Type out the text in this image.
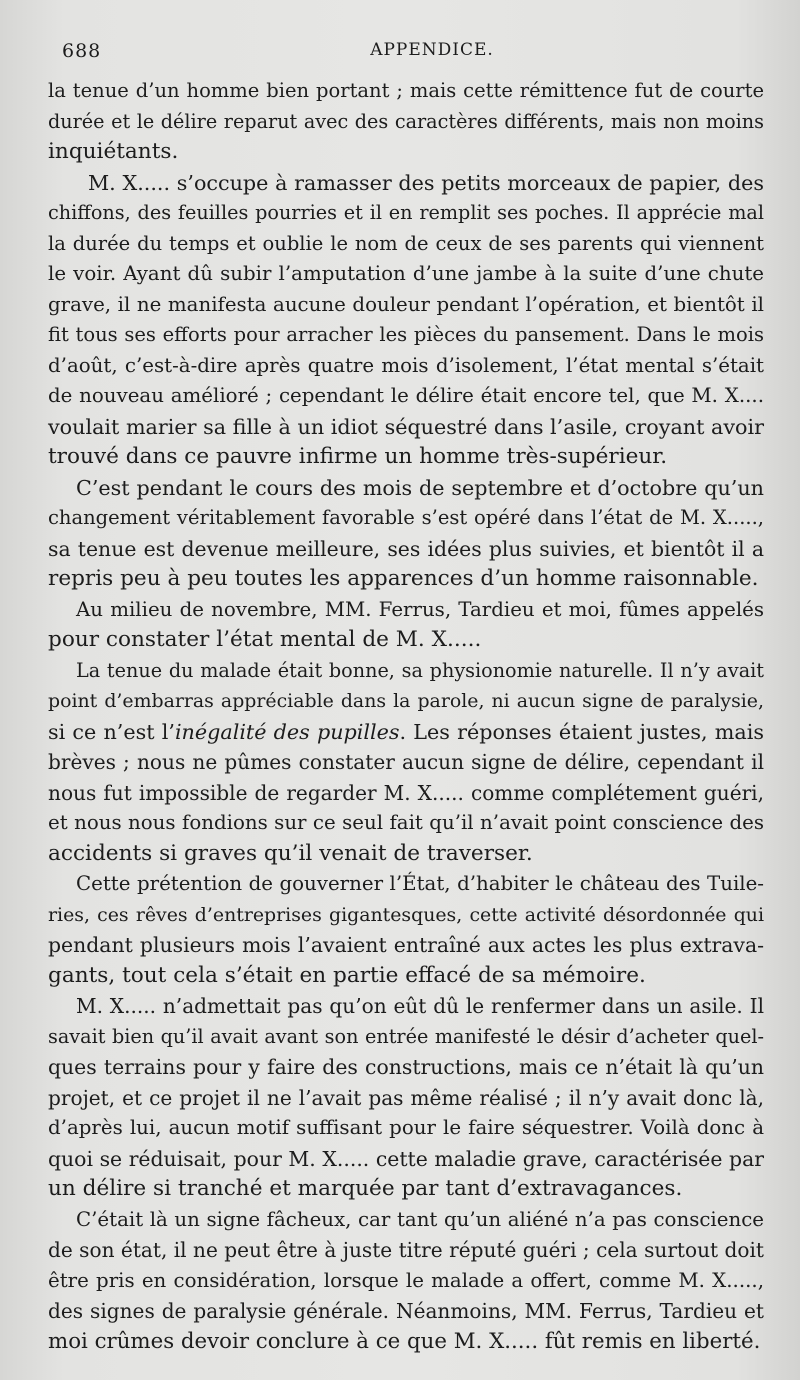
688	APPENDICE.
la tenue d’un homme bien portant ; mais cette rémittence fut de courte
durée et le délire reparut avec des caractères différents, mais non moins
inquiétants.
M. X..... s’occupe à ramasser des petits morceaux de papier, des
chiffons, des feuilles pourries et il en remplit ses poches. Il apprécie mal
la durée du temps et oublie le nom de ceux de ses parents qui viennent
le voir. Ayant dû subir l’amputation d’une jambe à la suite d’une chute
grave, il ne manifesta aucune douleur pendant l’opération, et bientôt il
fit tous ses efforts pour arracher les pièces du pansement. Dans le mois
d’août, c’est-à-dire après quatre mois d’isolement, l’état mental s’était
de nouveau amélioré ; cependant le délire était encore tel, que M. X....
voulait marier sa fille à un idiot séquestré dans l’asile, croyant avoir
trouvé dans ce pauvre infirme un homme très-supérieur.
C’est pendant le cours des mois de septembre et d’octobre qu’un
changement véritablement favorable s’est opéré dans l’état de M. X.....,
sa tenue est devenue meilleure, ses idées plus suivies, et bientôt il a
repris peu à peu toutes les apparences d’un homme raisonnable.
Au milieu de novembre, MM. Ferrus, Tardieu et moi, fûmes appelés
pour constater l’état mental de M. X.....
La tenue du malade était bonne, sa physionomie naturelle. Il n’y avait
point d’embarras appréciable dans la parole, ni aucun signe de paralysie,
si ce n’est l’inégalité des pupilles. Les réponses étaient justes, mais
brèves ; nous ne pûmes constater aucun signe de délire, cependant il
nous fut impossible de regarder M. X..... comme complétement guéri,
et nous nous fondions sur ce seul fait qu’il n’avait point conscience des
accidents si graves qu’il venait de traverser.
Cette prétention de gouverner l’État, d’habiter le château des Tuile-
ries, ces rêves d’entreprises gigantesques, cette activité désordonnée qui
pendant plusieurs mois l’avaient entraîné aux actes les plus extrava-
gants, tout cela s’était en partie effacé de sa mémoire.
M. X..... n’admettait pas qu’on eût dû le renfermer dans un asile. Il
savait bien qu’il avait avant son entrée manifesté le désir d’acheter quel-
ques terrains pour y faire des constructions, mais ce n’était là qu’un
projet, et ce projet il ne l’avait pas même réalisé ; il n’y avait donc là,
d’après lui, aucun motif suffisant pour le faire séquestrer. Voilà donc à
quoi se réduisait, pour M. X..... cette maladie grave, caractérisée par
un délire si tranché et marquée par tant d’extravagances.
C’était là un signe fâcheux, car tant qu’un aliéné n’a pas conscience
de son état, il ne peut être à juste titre réputé guéri ; cela surtout doit
être pris en considération, lorsque le malade a offert, comme M. X.....,
des signes de paralysie générale. Néanmoins, MM. Ferrus, Tardieu et
moi crûmes devoir conclure à ce que M. X..... fût remis en liberté.
